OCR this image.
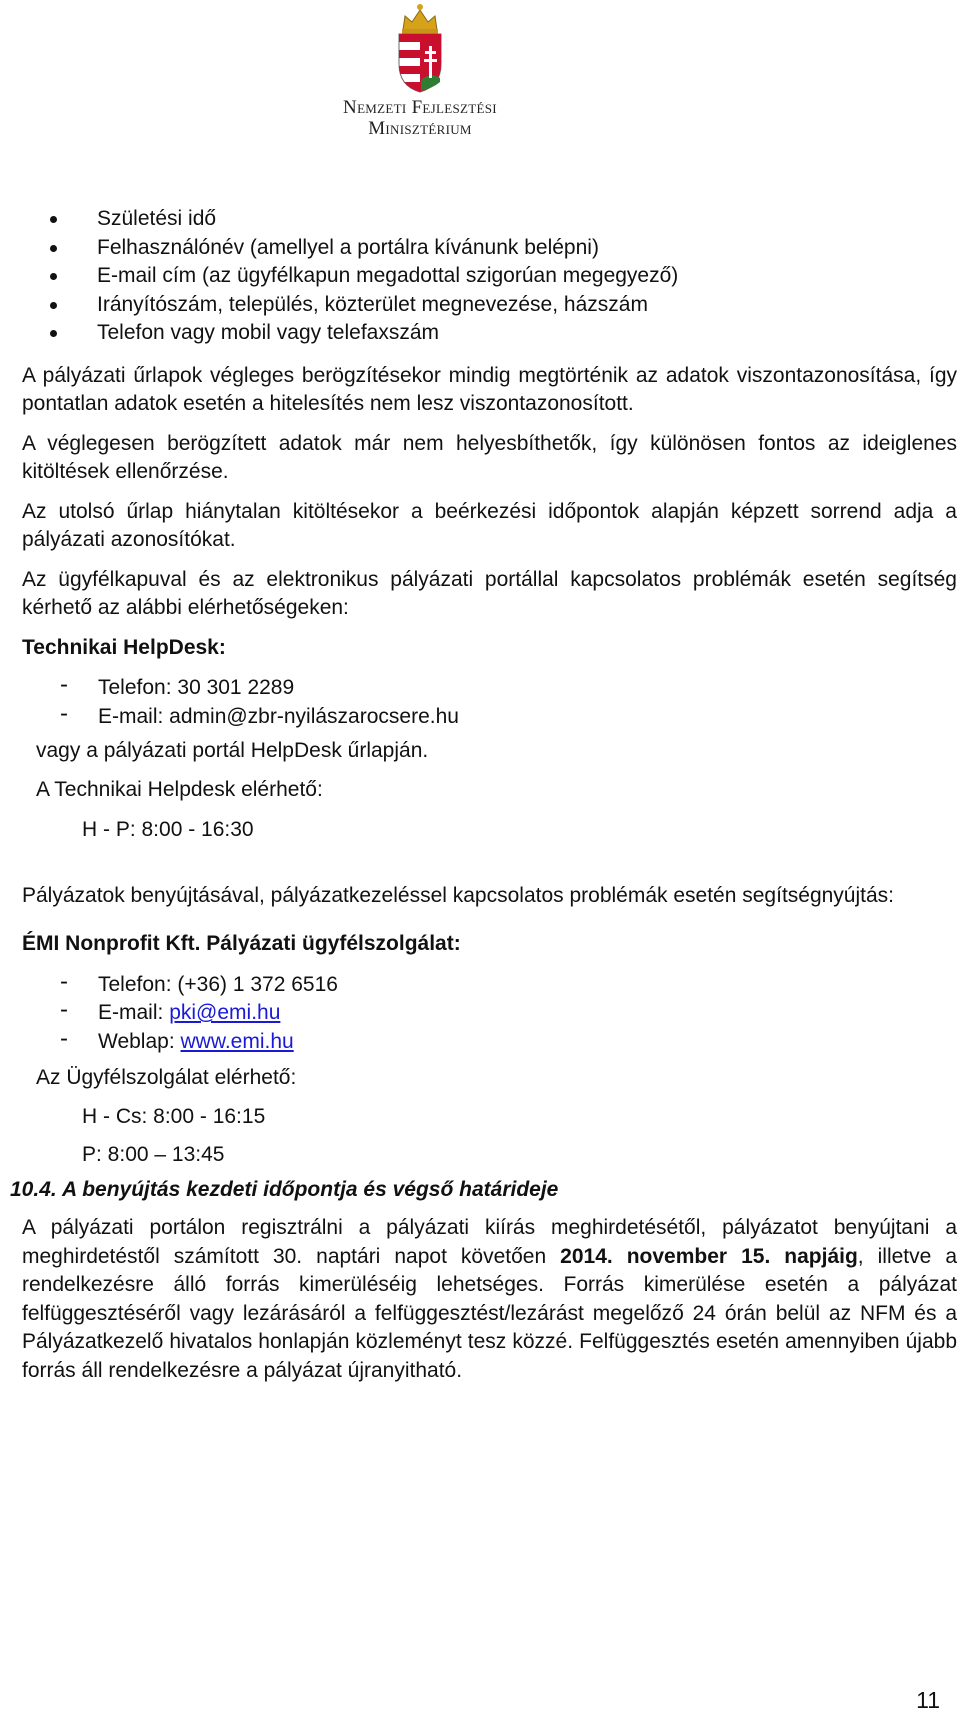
Nemzeti Fejlesztési
Minisztérium
Születési idő
Felhasználónév (amellyel a portálra kívánunk belépni)
E-mail cím (az ügyfélkapun megadottal szigorúan megegyező)
Irányítószám, település, közterület megnevezése, házszám
Telefon vagy mobil vagy telefaxszám

A pályázati űrlapok végleges berögzítésekor mindig megtörténik az adatok viszontazonosítása, így pontatlan adatok esetén a hitelesítés nem lesz viszontazonosított.

A véglegesen berögzített adatok már nem helyesbíthetők, így különösen fontos az ideiglenes kitöltések ellenőrzése.

Az utolsó űrlap hiánytalan kitöltésekor a beérkezési időpontok alapján képzett sorrend adja a pályázati azonosítókat.

Az ügyfélkapuval és az elektronikus pályázati portállal kapcsolatos problémák esetén segítség kérhető az alábbi elérhetőségeken:

Technikai HelpDesk:

- Telefon: 30 301 2289
- E-mail: admin@zbr-nyilászarocsere.hu

vagy a pályázati portál HelpDesk űrlapján.

A Technikai Helpdesk elérhető:

H - P: 8:00 - 16:30

Pályázatok benyújtásával, pályázatkezeléssel kapcsolatos problémák esetén segítségnyújtás:

ÉMI Nonprofit Kft. Pályázati ügyfélszolgálat:

- Telefon: (+36) 1 372 6516
- E-mail: pki@emi.hu
- Weblap: www.emi.hu

Az Ügyfélszolgálat elérhető:

H - Cs: 8:00 - 16:15

P: 8:00 – 13:45

10.4. A benyújtás kezdeti időpontja és végső határideje

A pályázati portálon regisztrálni a pályázati kiírás meghirdetésétől, pályázatot benyújtani a meghirdetéstől számított 30. naptári napot követően 2014. november 15. napjáig, illetve a rendelkezésre álló forrás kimerüléséig lehetséges. Forrás kimerülése esetén a pályázat felfüggesztéséről vagy lezárásáról a felfüggesztést/lezárást megelőző 24 órán belül az NFM és a Pályázatkezelő hivatalos honlapján közleményt tesz közzé. Felfüggesztés esetén amennyiben újabb forrás áll rendelkezésre a pályázat újranyitható.

11
